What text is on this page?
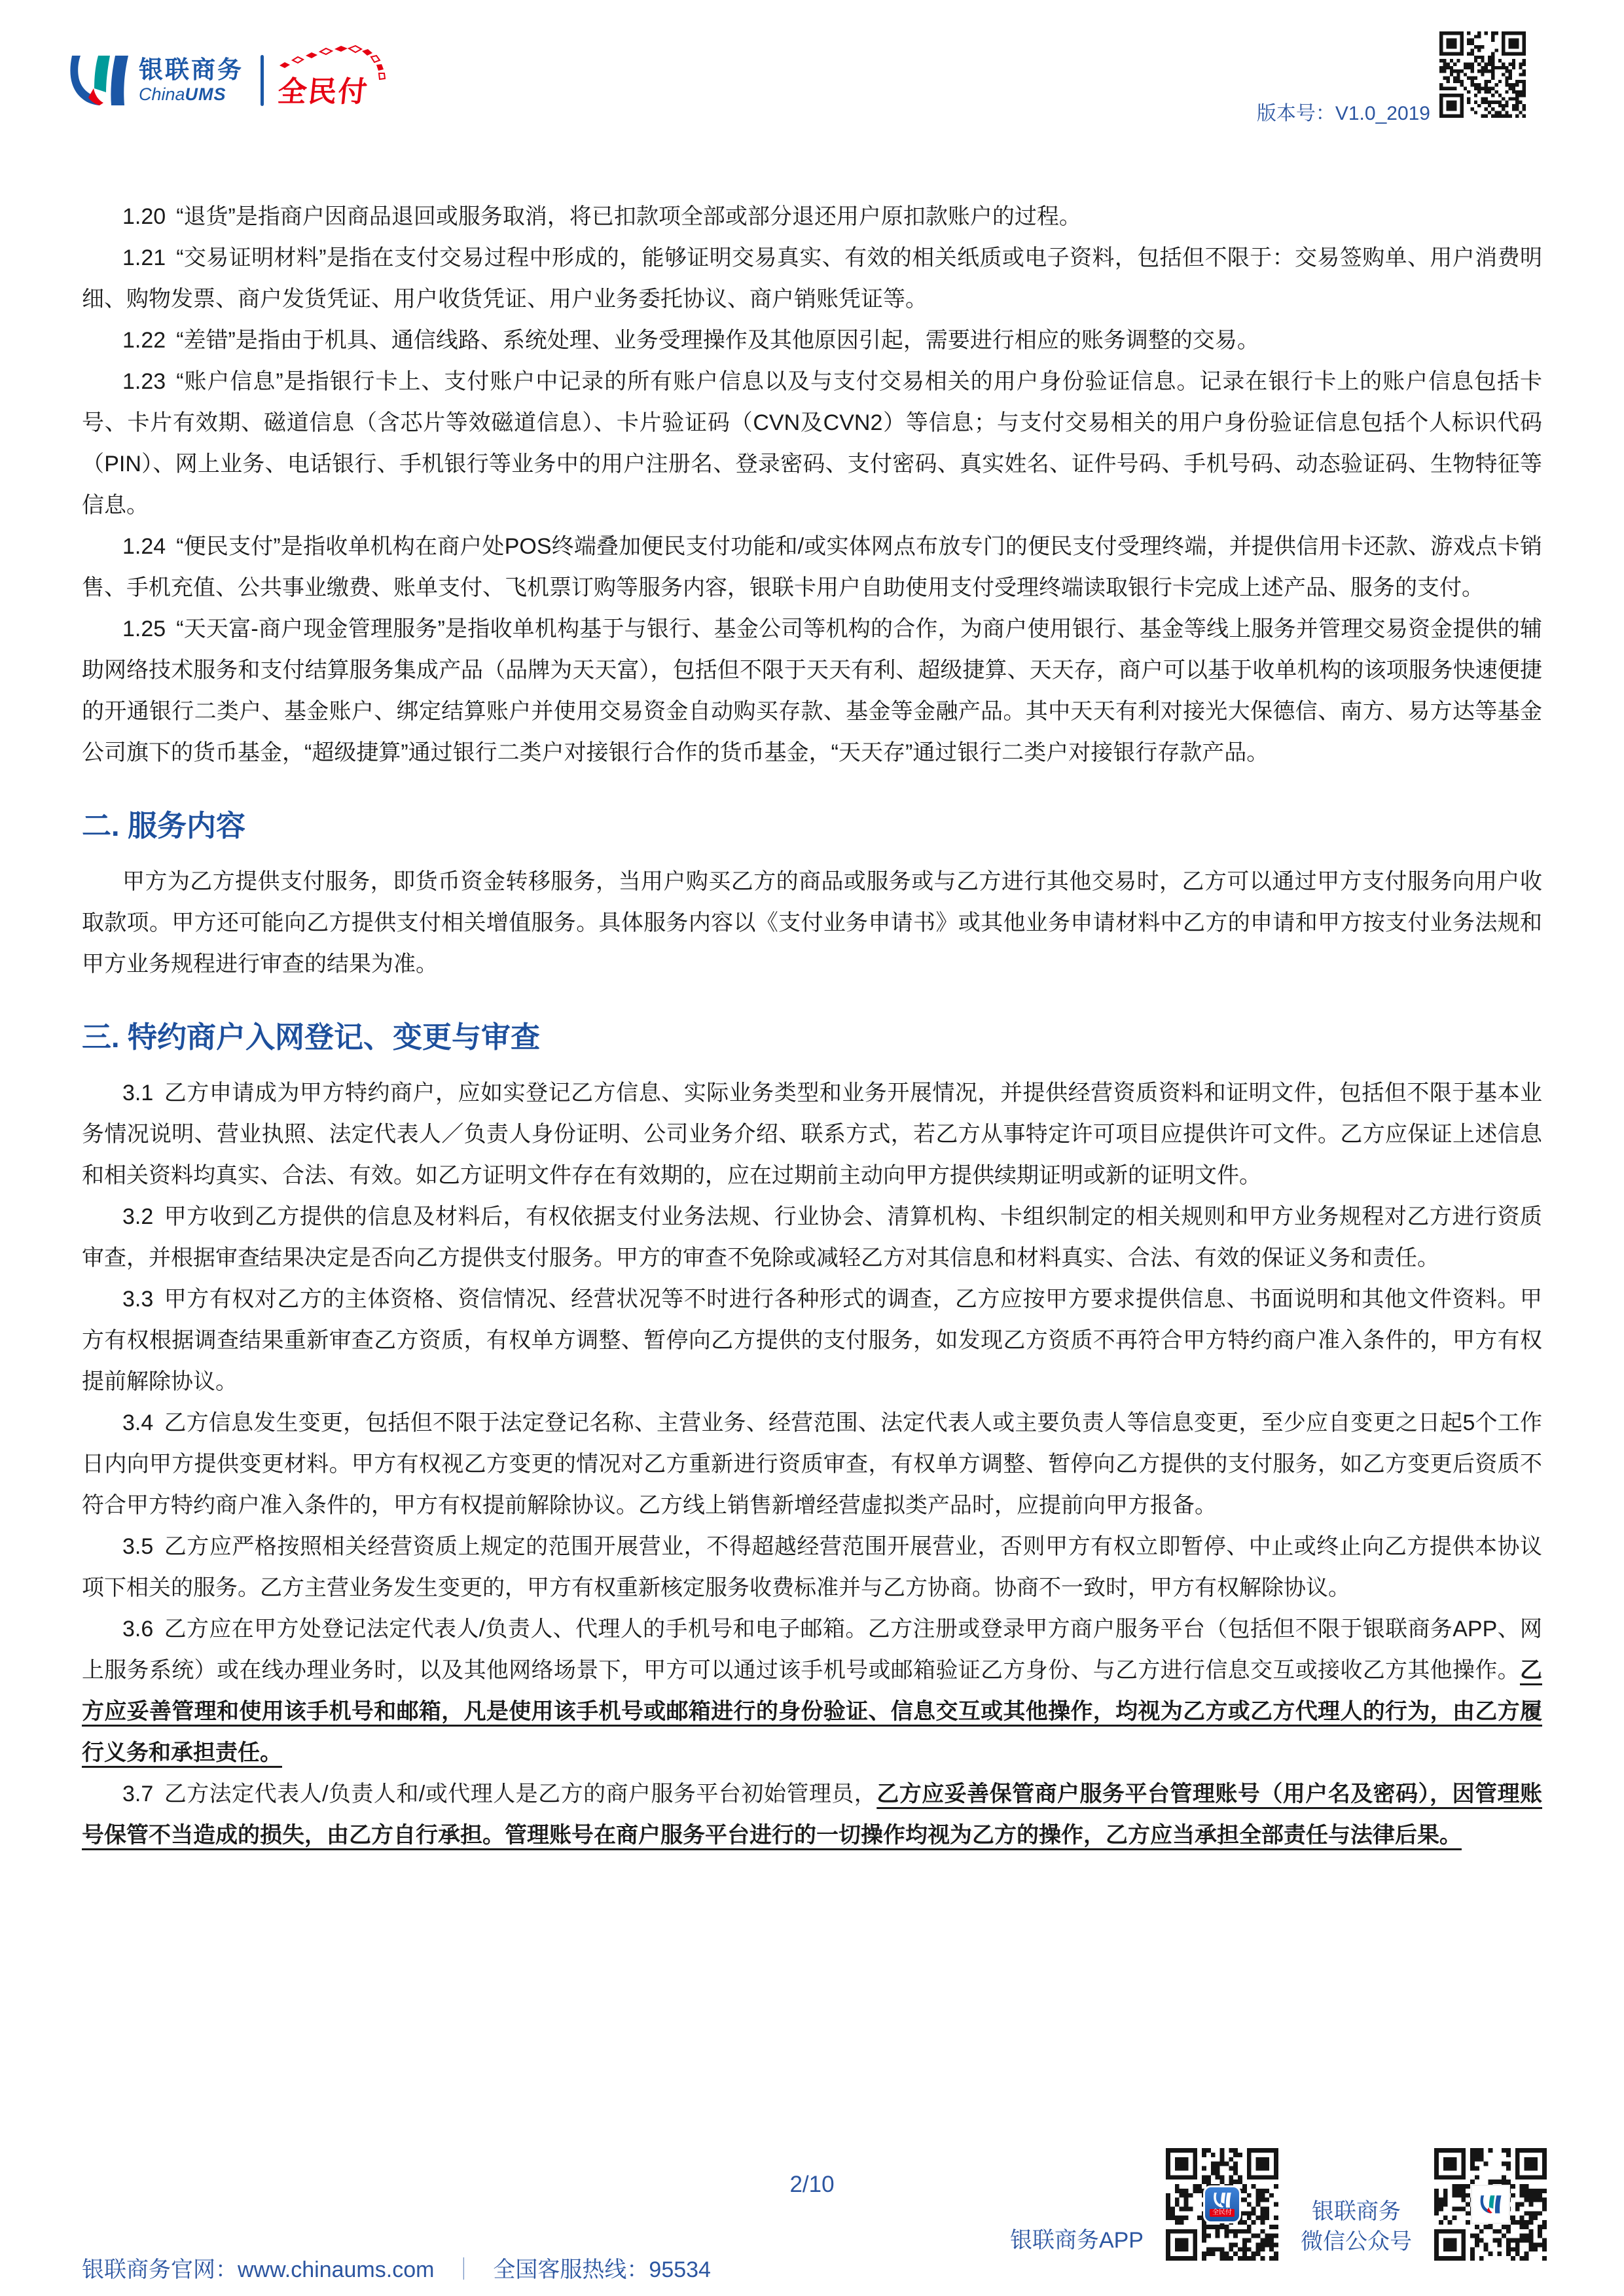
银联商务
ChinaUMS	全民付
版本号：V1.0_2019

1.20 “退货”是指商户因商品退回或服务取消，将已扣款项全部或部分退还用户原扣款账户的过程。

1.21 “交易证明材料”是指在支付交易过程中形成的，能够证明交易真实、有效的相关纸质或电子资料，包括但不限于：交易签购单、用户消费明细、购物发票、商户发货凭证、用户收货凭证、用户业务委托协议、商户销账凭证等。

1.22 “差错”是指由于机具、通信线路、系统处理、业务受理操作及其他原因引起，需要进行相应的账务调整的交易。

1.23 “账户信息”是指银行卡上、支付账户中记录的所有账户信息以及与支付交易相关的用户身份验证信息。记录在银行卡上的账户信息包括卡号、卡片有效期、磁道信息（含芯片等效磁道信息）、卡片验证码（CVN及CVN2）等信息；与支付交易相关的用户身份验证信息包括个人标识代码（PIN）、网上业务、电话银行、手机银行等业务中的用户注册名、登录密码、支付密码、真实姓名、证件号码、手机号码、动态验证码、生物特征等信息。

1.24 “便民支付”是指收单机构在商户处POS终端叠加便民支付功能和/或实体网点布放专门的便民支付受理终端，并提供信用卡还款、游戏点卡销售、手机充值、公共事业缴费、账单支付、飞机票订购等服务内容，银联卡用户自助使用支付受理终端读取银行卡完成上述产品、服务的支付。

1.25 “天天富-商户现金管理服务”是指收单机构基于与银行、基金公司等机构的合作，为商户使用银行、基金等线上服务并管理交易资金提供的辅助网络技术服务和支付结算服务集成产品（品牌为天天富），包括但不限于天天有利、超级捷算、天天存，商户可以基于收单机构的该项服务快速便捷的开通银行二类户、基金账户、绑定结算账户并使用交易资金自动购买存款、基金等金融产品。其中天天有利对接光大保德信、南方、易方达等基金公司旗下的货币基金，“超级捷算”通过银行二类户对接银行合作的货币基金，“天天存”通过银行二类户对接银行存款产品。

二. 服务内容

甲方为乙方提供支付服务，即货币资金转移服务，当用户购买乙方的商品或服务或与乙方进行其他交易时，乙方可以通过甲方支付服务向用户收取款项。甲方还可能向乙方提供支付相关增值服务。具体服务内容以《支付业务申请书》或其他业务申请材料中乙方的申请和甲方按支付业务法规和甲方业务规程进行审查的结果为准。

三. 特约商户入网登记、变更与审查

3.1 乙方申请成为甲方特约商户，应如实登记乙方信息、实际业务类型和业务开展情况，并提供经营资质资料和证明文件，包括但不限于基本业务情况说明、营业执照、法定代表人／负责人身份证明、公司业务介绍、联系方式，若乙方从事特定许可项目应提供许可文件。乙方应保证上述信息和相关资料均真实、合法、有效。如乙方证明文件存在有效期的，应在过期前主动向甲方提供续期证明或新的证明文件。

3.2 甲方收到乙方提供的信息及材料后，有权依据支付业务法规、行业协会、清算机构、卡组织制定的相关规则和甲方业务规程对乙方进行资质审查，并根据审查结果决定是否向乙方提供支付服务。甲方的审查不免除或减轻乙方对其信息和材料真实、合法、有效的保证义务和责任。

3.3 甲方有权对乙方的主体资格、资信情况、经营状况等不时进行各种形式的调查，乙方应按甲方要求提供信息、书面说明和其他文件资料。甲方有权根据调查结果重新审查乙方资质，有权单方调整、暂停向乙方提供的支付服务，如发现乙方资质不再符合甲方特约商户准入条件的，甲方有权提前解除协议。

3.4 乙方信息发生变更，包括但不限于法定登记名称、主营业务、经营范围、法定代表人或主要负责人等信息变更，至少应自变更之日起5个工作日内向甲方提供变更材料。甲方有权视乙方变更的情况对乙方重新进行资质审查，有权单方调整、暂停向乙方提供的支付服务，如乙方变更后资质不符合甲方特约商户准入条件的，甲方有权提前解除协议。乙方线上销售新增经营虚拟类产品时，应提前向甲方报备。

3.5 乙方应严格按照相关经营资质上规定的范围开展营业，不得超越经营范围开展营业，否则甲方有权立即暂停、中止或终止向乙方提供本协议项下相关的服务。乙方主营业务发生变更的，甲方有权重新核定服务收费标准并与乙方协商。协商不一致时，甲方有权解除协议。

3.6 乙方应在甲方处登记法定代表人/负责人、代理人的手机号和电子邮箱。乙方注册或登录甲方商户服务平台（包括但不限于银联商务APP、网上服务系统）或在线办理业务时，以及其他网络场景下，甲方可以通过该手机号或邮箱验证乙方身份、与乙方进行信息交互或接收乙方其他操作。乙方应妥善管理和使用该手机号和邮箱，凡是使用该手机号或邮箱进行的身份验证、信息交互或其他操作，均视为乙方或乙方代理人的行为，由乙方履行义务和承担责任。

3.7 乙方法定代表人/负责人和/或代理人是乙方的商户服务平台初始管理员，乙方应妥善保管商户服务平台管理账号（用户名及密码），因管理账号保管不当造成的损失，由乙方自行承担。管理账号在商户服务平台进行的一切操作均视为乙方的操作，乙方应当承担全部责任与法律后果。

2/10
银联商务APP
全民付	银联商务
微信公众号
银联商务官网：www.chinaums.com ｜ 全国客服热线：95534
